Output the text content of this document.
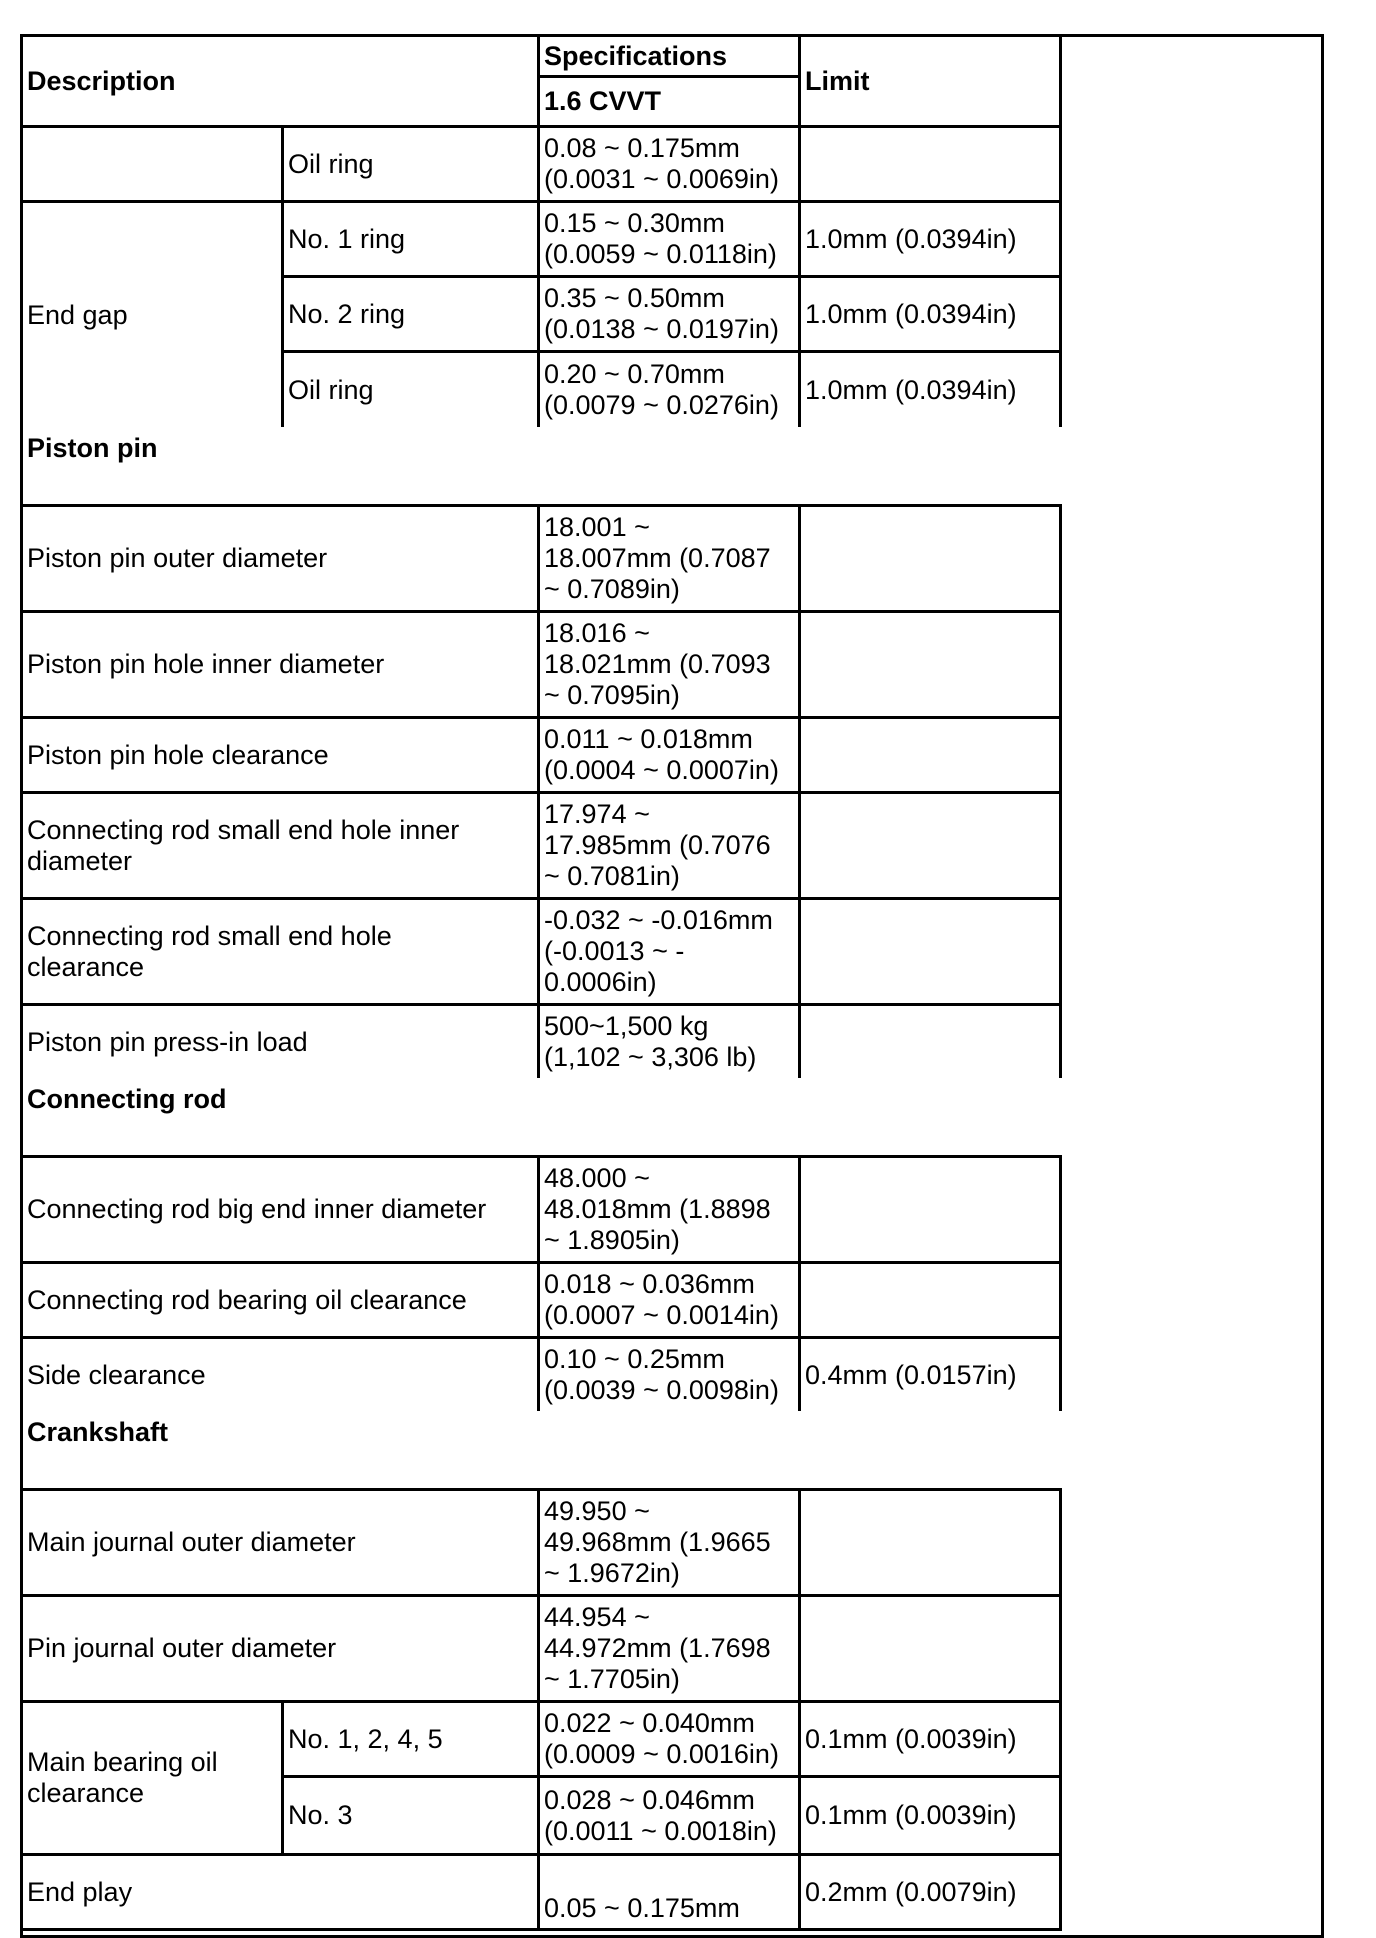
Description
Specifications
1.6 CVVT
Limit
Oil ring
0.08 ~ 0.175mm
(0.0031 ~ 0.0069in)
End gap
No. 1 ring
0.15 ~ 0.30mm
(0.0059 ~ 0.0118in)
1.0mm (0.0394in)
No. 2 ring
0.35 ~ 0.50mm
(0.0138 ~ 0.0197in)
1.0mm (0.0394in)
Oil ring
0.20 ~ 0.70mm
(0.0079 ~ 0.0276in)
1.0mm (0.0394in)
Piston pin
Piston pin outer diameter
18.001 ~
18.007mm (0.7087
~ 0.7089in)
Piston pin hole inner diameter
18.016 ~
18.021mm (0.7093
~ 0.7095in)
Piston pin hole clearance
0.011 ~ 0.018mm
(0.0004 ~ 0.0007in)
Connecting rod small end hole inner
diameter
17.974 ~
17.985mm (0.7076
~ 0.7081in)
Connecting rod small end hole
clearance
-0.032 ~ -0.016mm
(-0.0013 ~ -
0.0006in)
Piston pin press-in load
500~1,500 kg
(1,102 ~ 3,306 lb)
Connecting rod
Connecting rod big end inner diameter
48.000 ~
48.018mm (1.8898
~ 1.8905in)
Connecting rod bearing oil clearance
0.018 ~ 0.036mm
(0.0007 ~ 0.0014in)
Side clearance
0.10 ~ 0.25mm
(0.0039 ~ 0.0098in)
0.4mm (0.0157in)
Crankshaft
Main journal outer diameter
49.950 ~
49.968mm (1.9665
~ 1.9672in)
Pin journal outer diameter
44.954 ~
44.972mm (1.7698
~ 1.7705in)
Main bearing oil
clearance
No. 1, 2, 4, 5
0.022 ~ 0.040mm
(0.0009 ~ 0.0016in)
0.1mm (0.0039in)
No. 3
0.028 ~ 0.046mm
(0.0011 ~ 0.0018in)
0.1mm (0.0039in)
End play
0.05 ~ 0.175mm
0.2mm (0.0079in)
